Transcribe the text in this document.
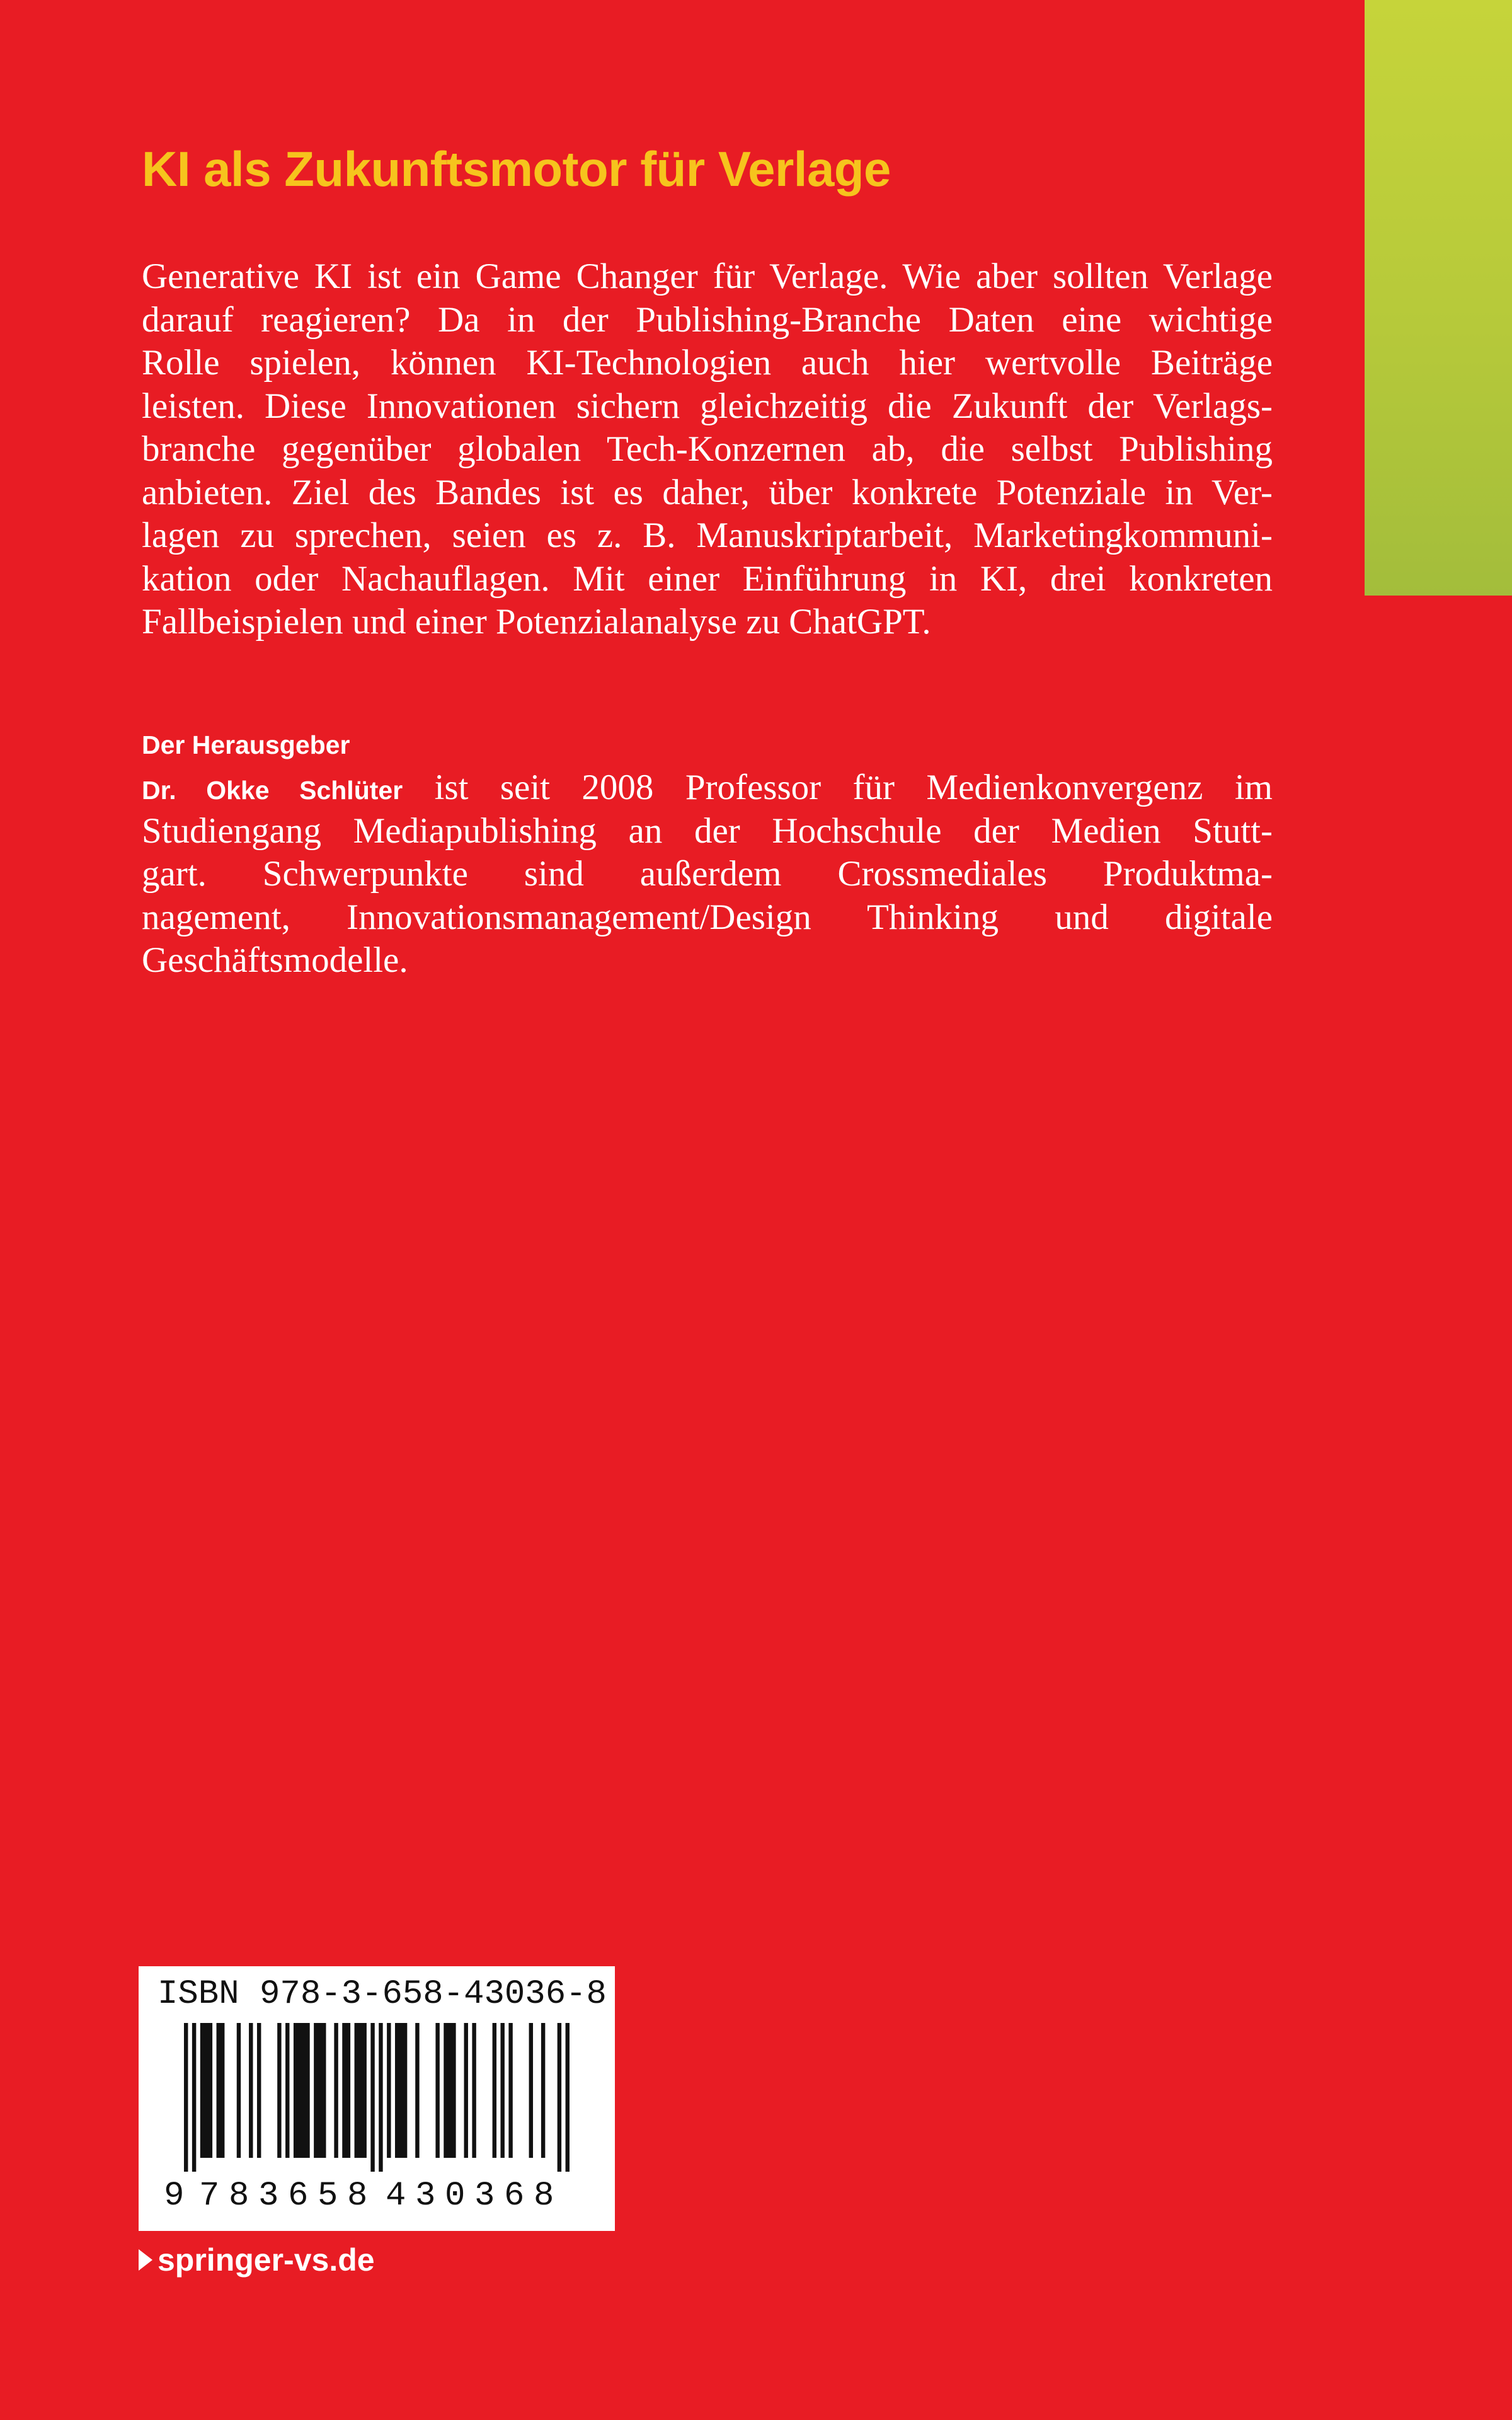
KI als Zukunftsmotor für Verlage
Generative KI ist ein Game Changer für Verlage. Wie aber sollten Verlage
darauf reagieren? Da in der Publishing-Branche Daten eine wichtige
Rolle spielen, können KI-Technologien auch hier wertvolle Beiträge
leisten. Diese Innovationen sichern gleichzeitig die Zukunft der Verlags-
branche gegenüber globalen Tech-Konzernen ab, die selbst Publishing
anbieten. Ziel des Bandes ist es daher, über konkrete Potenziale in Ver-
lagen zu sprechen, seien es z. B. Manuskriptarbeit, Marketingkommuni-
kation oder Nachauflagen. Mit einer Einführung in KI, drei konkreten
Fallbeispielen und einer Potenzialanalyse zu ChatGPT.
Der Herausgeber
Dr. Okke Schlüter ist seit 2008 Professor für Medienkonvergenz im
Studiengang Mediapublishing an der Hochschule der Medien Stutt-
gart. Schwerpunkte sind außerdem Crossmediales Produktma-
nagement, Innovationsmanagement/Design Thinking und digitale
Geschäftsmodelle.
ISBN 978-3-658-43036-8
9 7 8 3 6 5 8 4 3 0 3 6 8
springer-vs.de
